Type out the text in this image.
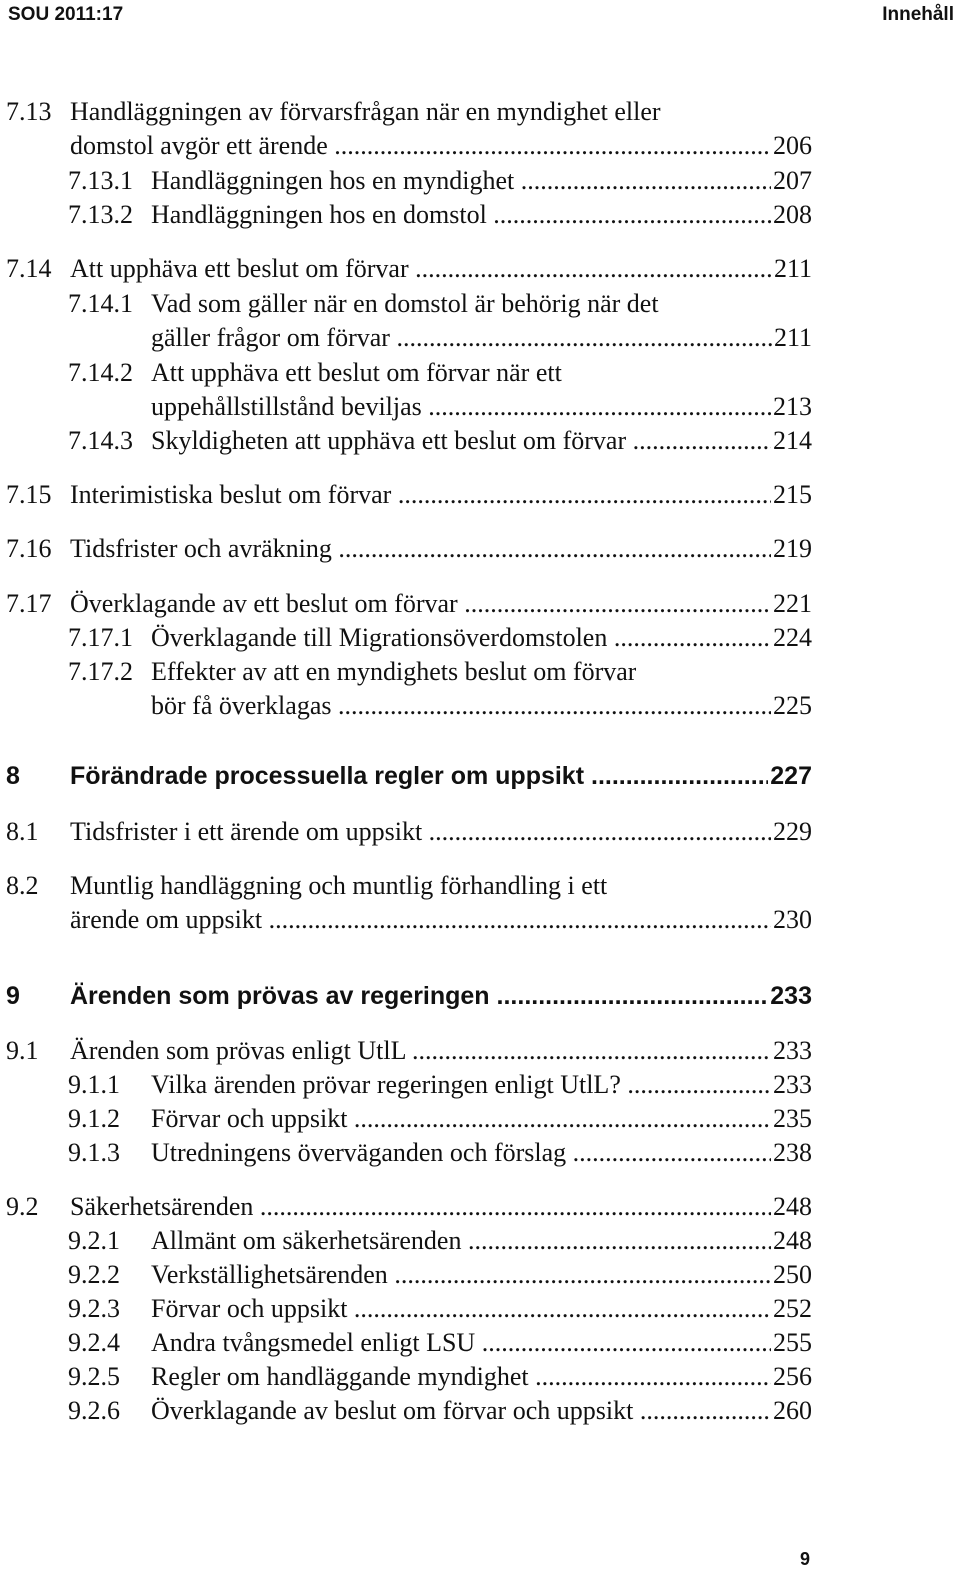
SOU 2011:17	Innehåll
7.13 Handläggningen av förvarsfrågan när en myndighet eller
domstol avgör ett ärende .....	206
7.13.1 Handläggningen hos en myndighet .....	207
7.13.2 Handläggningen hos en domstol .....	208
7.14 Att upphäva ett beslut om förvar .....	211
7.14.1 Vad som gäller när en domstol är behörig när det
gäller frågor om förvar .....	211
7.14.2 Att upphäva ett beslut om förvar när ett
uppehållstillstånd beviljas .....	213
7.14.3 Skyldigheten att upphäva ett beslut om förvar .....	214
7.15 Interimistiska beslut om förvar .....	215
7.16 Tidsfrister och avräkning .....	219
7.17 Överklagande av ett beslut om förvar .....	221
7.17.1 Överklagande till Migrationsöverdomstolen .....	224
7.17.2 Effekter av att en myndighets beslut om förvar
bör få överklagas .....	225
8 Förändrade processuella regler om uppsikt .....	227
8.1 Tidsfrister i ett ärende om uppsikt .....	229
8.2 Muntlig handläggning och muntlig förhandling i ett
ärende om uppsikt .....	230
9 Ärenden som prövas av regeringen .....	233
9.1 Ärenden som prövas enligt UtlL .....	233
9.1.1 Vilka ärenden prövar regeringen enligt UtlL? .....	233
9.1.2 Förvar och uppsikt .....	235
9.1.3 Utredningens överväganden och förslag .....	238
9.2 Säkerhetsärenden .....	248
9.2.1 Allmänt om säkerhetsärenden .....	248
9.2.2 Verkställighetsärenden .....	250
9.2.3 Förvar och uppsikt .....	252
9.2.4 Andra tvångsmedel enligt LSU .....	255
9.2.5 Regler om handläggande myndighet .....	256
9.2.6 Överklagande av beslut om förvar och uppsikt .....	260
9
